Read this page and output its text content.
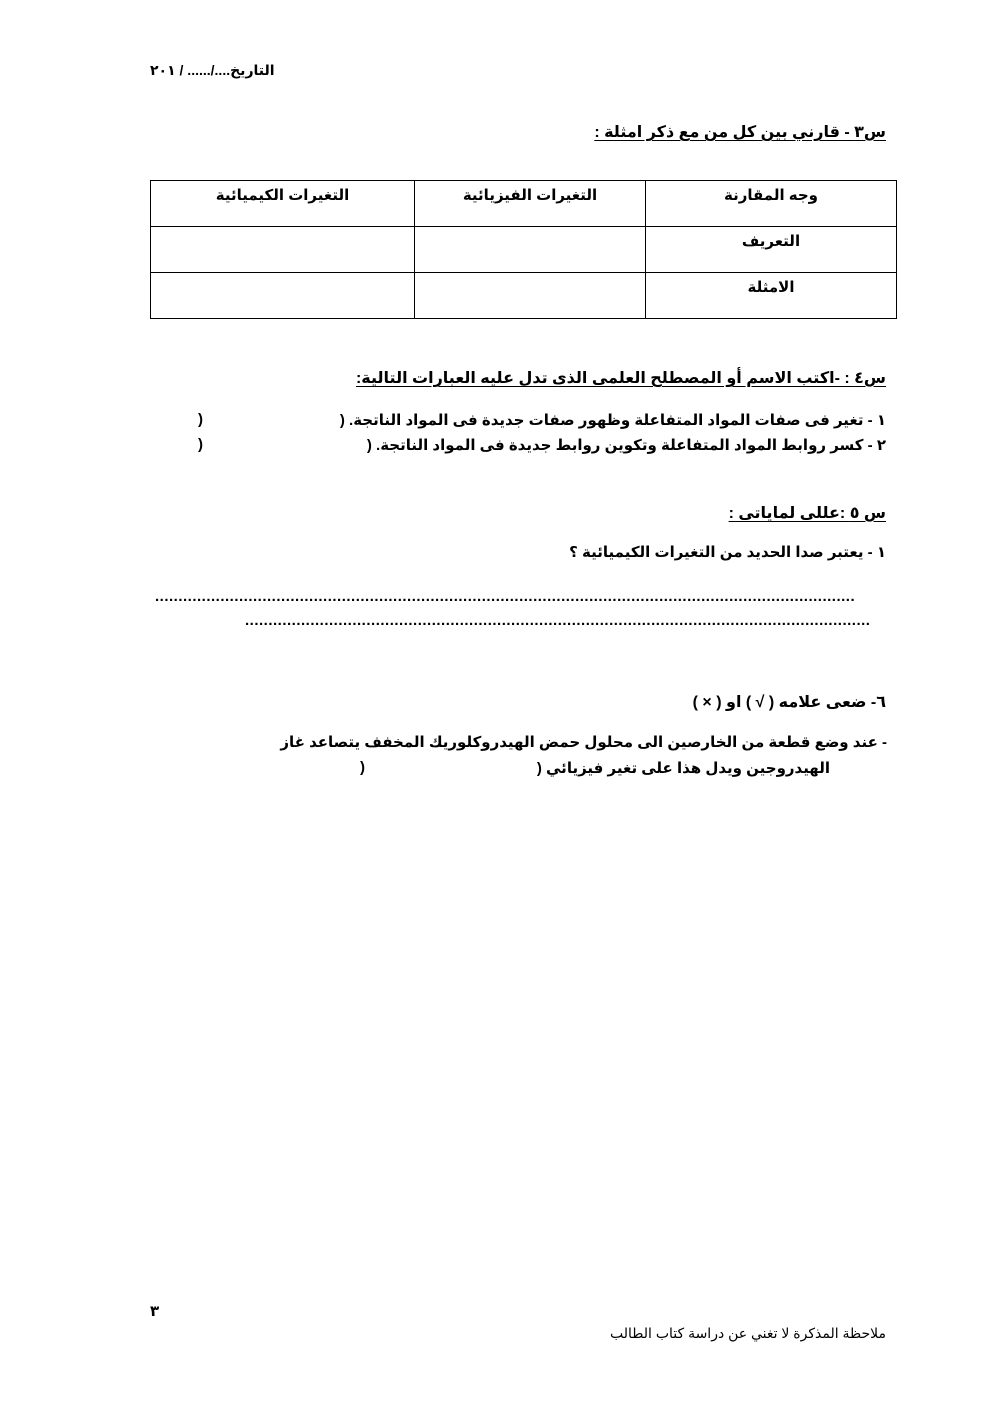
التاريخ..../...... / ٢٠١
س٣ - قارني بين كل من مع ذكر امثلة :
وجه المقارنة	التغيرات الفيزيائية	التغيرات الكيميائية
التعريف		
الامثلة		
س٤ : -اكتب الاسم أو المصطلح العلمى الذى تدل عليه العبارات التالية:
١ - تغير فى صفات المواد المتفاعلة وظهور صفات جديدة فى المواد الناتجة. (
)
٢ - كسر روابط المواد المتفاعلة وتكوين روابط جديدة فى المواد الناتجة. (
)
س ٥ :عللى لماياتى :
١ - يعتبر صدا الحديد من التغيرات الكيميائية ؟
......................................................................................................................................................
......................................................................................................................................
٦- ضعى علامه ( √ ) او ( × )
- عند وضع قطعة من الخارصين الى محلول حمض الهيدروكلوريك المخفف يتصاعد غاز
الهيدروجين ويدل هذا على تغير فيزيائي (
)
٣
ملاحظة المذكرة لا تغني عن دراسة كتاب الطالب
